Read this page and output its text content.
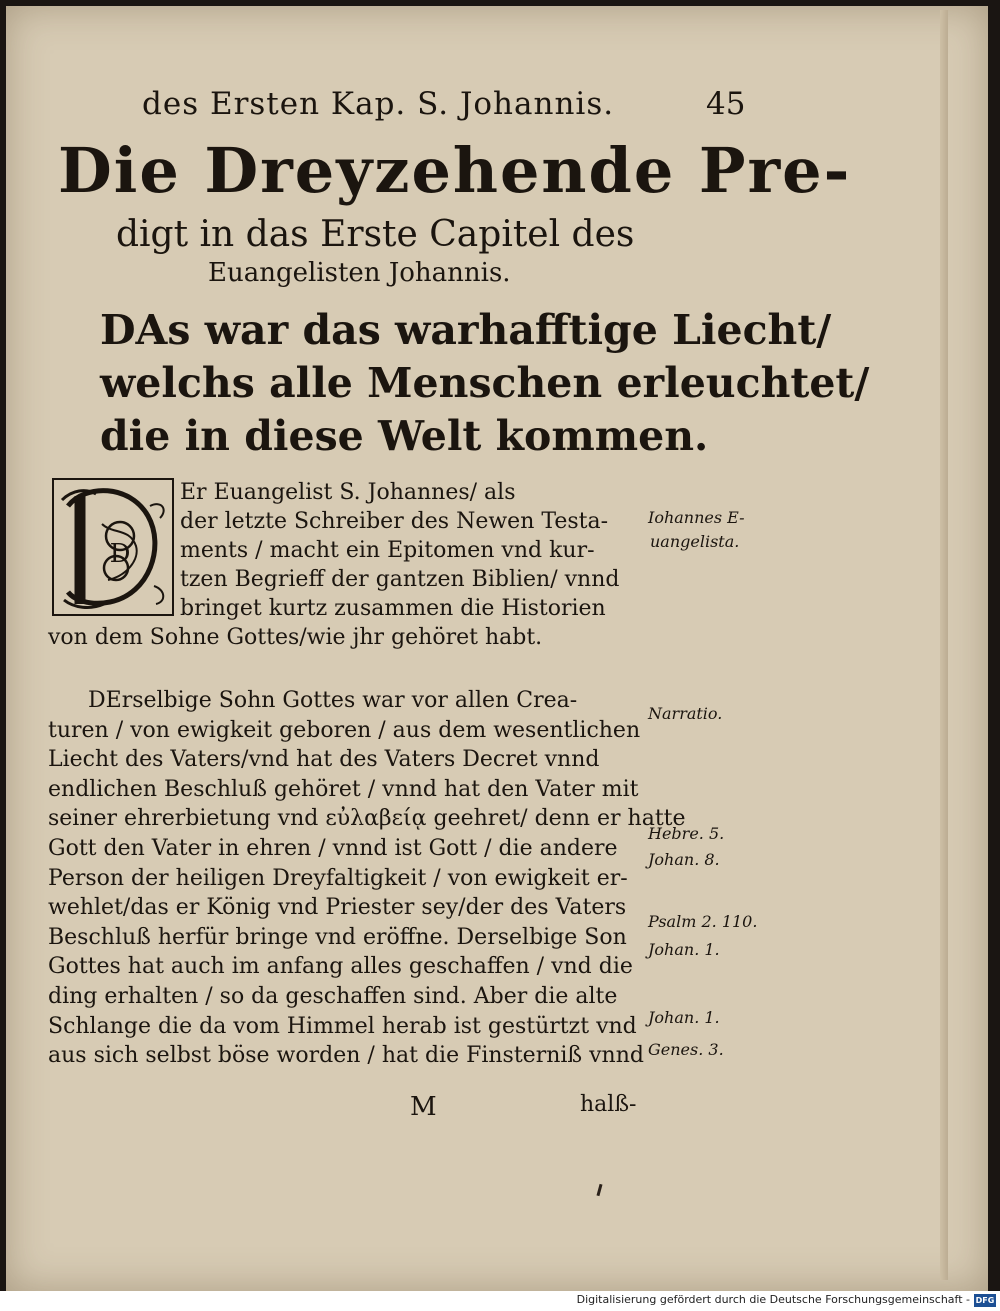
des Ersten Kap. S. Johannis.	45
Die Dreyzehende Pre-
digt in das Erste Capitel des
Euangelisten Johannis.
DAs war das warhafftige Liecht/
welchs alle Menschen erleuchtet/
die in diese Welt kommen.
D
Er Euangelist S. Johannes/ als
der letzte Schreiber des Newen Testa-
ments / macht ein Epitomen vnd kur-
tzen Begrieff der gantzen Biblien/ vnnd
bringet kurtz zusammen die Historien
von dem Sohne Gottes/wie jhr gehöret habt.
DErselbige Sohn Gottes war vor allen Crea-
turen / von ewigkeit geboren / aus dem wesentlichen
Liecht des Vaters/vnd hat des Vaters Decret vnnd
endlichen Beschluß gehöret / vnnd hat den Vater mit
seiner ehrerbietung vnd εὐλαβείᾳ geehret/ denn er hatte
Gott den Vater in ehren / vnnd ist Gott / die andere
Person der heiligen Dreyfaltigkeit / von ewigkeit er-
wehlet/das er König vnd Priester sey/der des Vaters
Beschluß herfür bringe vnd eröffne. Derselbige Son
Gottes hat auch im anfang alles geschaffen / vnd die
ding erhalten / so da geschaffen sind. Aber die alte
Schlange die da vom Himmel herab ist gestürtzt vnd
aus sich selbst böse worden / hat die Finsterniß vnnd
M	halß-
Iohannes E-
uangelista.
Narratio.
Hebre. 5.
Johan. 8.
Psalm 2. 110.
Johan. 1.
Johan. 1.
Genes. 3.
Digitalisierung gefördert durch die Deutsche Forschungsgemeinschaft - DFG
